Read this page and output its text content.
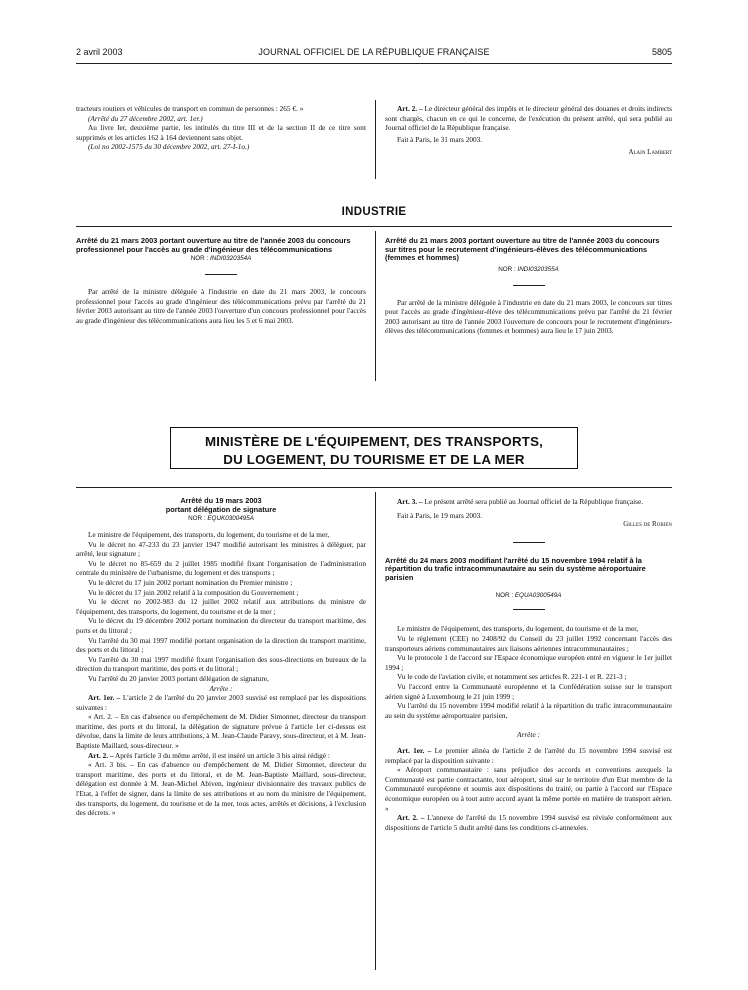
2 avril 2003	JOURNAL OFFICIEL DE LA RÉPUBLIQUE FRANÇAISE	5805

tracteurs routiers et véhicules de transport en commun de personnes : 265 €. »

(Arrêté du 27 décembre 2002, art. 1er.)

Au livre Ier, deuxième partie, les intitulés du titre III et de la section II de ce titre sont supprimés et les articles 162 à 164 deviennent sans objet.

(Loi no 2002-1575 du 30 décembre 2002, art. 27-I-1o.)

Art. 2. – Le directeur général des impôts et le directeur général des douanes et droits indirects sont chargés, chacun en ce qui le concerne, de l'exécution du présent arrêté, qui sera publié au Journal officiel de la République française.

Fait à Paris, le 31 mars 2003.

Alain Lambert

INDUSTRIE

Arrêté du 21 mars 2003 portant ouverture au titre de l'année 2003 du concours professionnel pour l'accès au grade d'ingénieur des télécommunications

NOR : INDI0320354A

Par arrêté de la ministre déléguée à l'industrie en date du 21 mars 2003, le concours professionnel pour l'accès au grade d'ingénieur des télécommunications prévu par l'arrêté du 21 février 2003 autorisant au titre de l'année 2003 l'ouverture d'un concours professionnel pour l'accès au grade d'ingénieur des télécommunications aura lieu les 5 et 6 mai 2003.

Arrêté du 21 mars 2003 portant ouverture au titre de l'année 2003 du concours sur titres pour le recrutement d'ingénieurs-élèves des télécommunications (femmes et hommes)

NOR : INDI0320355A

Par arrêté de la ministre déléguée à l'industrie en date du 21 mars 2003, le concours sur titres pour l'accès au grade d'ingénieur-élève des télécommunications prévu par l'arrêté du 21 février 2003 autorisant au titre de l'année 2003 l'ouverture de concours pour le recrutement d'ingénieurs-élèves des télécommunications (femmes et hommes) aura lieu le 17 juin 2003.

MINISTÈRE DE L'ÉQUIPEMENT, DES TRANSPORTS,
DU LOGEMENT, DU TOURISME ET DE LA MER

Arrêté du 19 mars 2003

portant délégation de signature

NOR : EQUK0300495A

Le ministre de l'équipement, des transports, du logement, du tourisme et de la mer,

Vu le décret no 47-233 du 23 janvier 1947 modifié autorisant les ministres à déléguer, par arrêté, leur signature ;

Vu le décret no 85-659 du 2 juillet 1985 modifié fixant l'organisation de l'administration centrale du ministère de l'urbanisme, du logement et des transports ;

Vu le décret du 17 juin 2002 portant nomination du Premier ministre ;

Vu le décret du 17 juin 2002 relatif à la composition du Gouvernement ;

Vu le décret no 2002-983 du 12 juillet 2002 relatif aux attributions du ministre de l'équipement, des transports, du logement, du tourisme et de la mer ;

Vu le décret du 19 décembre 2002 portant nomination du directeur du transport maritime, des ports et du littoral ;

Vu l'arrêté du 30 mai 1997 modifié portant organisation de la direction du transport maritime, des ports et du littoral ;

Vu l'arrêté du 30 mai 1997 modifié fixant l'organisation des sous-directions en bureaux de la direction du transport maritime, des ports et du littoral ;

Vu l'arrêté du 20 janvier 2003 portant délégation de signature,

Arrête :

Art. 1er. – L'article 2 de l'arrêté du 20 janvier 2003 susvisé est remplacé par les dispositions suivantes :

« Art. 2. – En cas d'absence ou d'empêchement de M. Didier Simonnet, directeur du transport maritime, des ports et du littoral, la délégation de signature prévue à l'article 1er ci-dessus est dévolue, dans la limite de leurs attributions, à M. Jean-Claude Paravy, sous-directeur, et à M. Jean-Baptiste Maillard, sous-directeur. »

Art. 2. – Après l'article 3 du même arrêté, il est inséré un article 3 bis ainsi rédigé :

« Art. 3 bis. – En cas d'absence ou d'empêchement de M. Didier Simonnet, directeur du transport maritime, des ports et du littoral, et de M. Jean-Baptiste Maillard, sous-directeur, délégation est donnée à M. Jean-Michel Abiven, ingénieur divisionnaire des travaux publics de l'Etat, à l'effet de signer, dans la limite de ses attributions et au nom du ministre de l'équipement, des transports, du logement, du tourisme et de la mer, tous actes, arrêtés et décisions, à l'exclusion des décrets. »

Art. 3. – Le présent arrêté sera publié au Journal officiel de la République française.

Fait à Paris, le 19 mars 2003.

Gilles de Robien

Arrêté du 24 mars 2003 modifiant l'arrêté du 15 novembre 1994 relatif à la répartition du trafic intracommunautaire au sein du système aéroportuaire parisien

NOR : EQUA0300549A

Le ministre de l'équipement, des transports, du logement, du tourisme et de la mer,

Vu le règlement (CEE) no 2408/92 du Conseil du 23 juillet 1992 concernant l'accès des transporteurs aériens communautaires aux liaisons aériennes intracommunautaires ;

Vu le protocole 1 de l'accord sur l'Espace économique européen entré en vigueur le 1er juillet 1994 ;

Vu le code de l'aviation civile, et notamment ses articles R. 221-1 et R. 221-3 ;

Vu l'accord entre la Communauté européenne et la Confédération suisse sur le transport aérien signé à Luxembourg le 21 juin 1999 ;

Vu l'arrêté du 15 novembre 1994 modifié relatif à la répartition du trafic intracommunautaire au sein du système aéroportuaire parisien,

Arrête :

Art. 1er. – Le premier alinéa de l'article 2 de l'arrêté du 15 novembre 1994 susvisé est remplacé par la disposition suivante :

« Aéroport communautaire : sans préjudice des accords et conventions auxquels la Communauté est partie contractante, tout aéroport, situé sur le territoire d'un Etat membre de la Communauté européenne et soumis aux dispositions du traité, ou partie à l'accord sur l'Espace économique européen ou à tout autre accord ayant la même portée en matière de transport aérien. »

Art. 2. – L'annexe de l'arrêté du 15 novembre 1994 susvisé est révisée conformément aux dispositions de l'article 5 dudit arrêté dans les conditions ci-annexées.
